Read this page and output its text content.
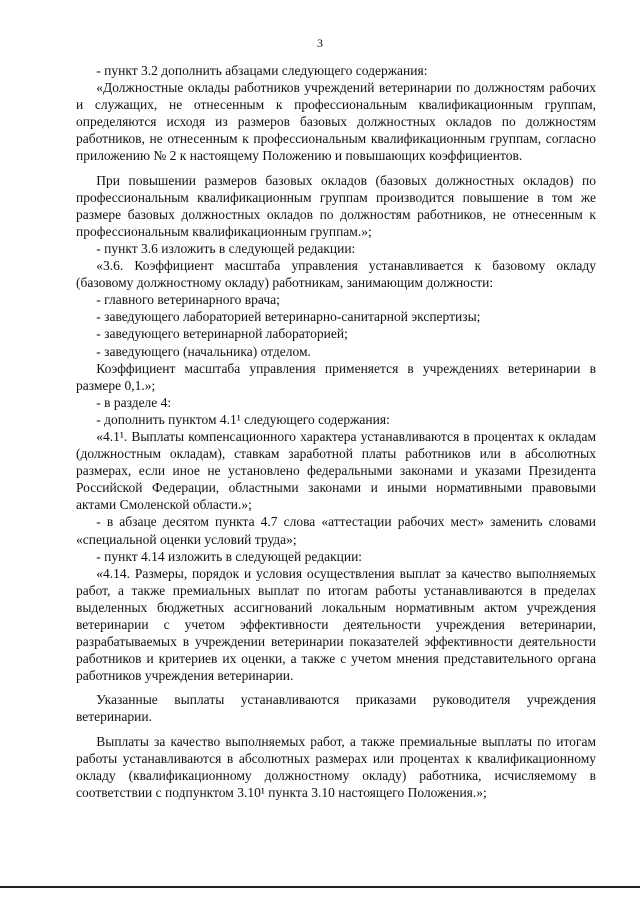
3

- пункт 3.2 дополнить абзацами следующего содержания:

«Должностные оклады работников учреждений ветеринарии по должностям рабочих и служащих, не отнесенным к профессиональным квалификационным группам, определяются исходя из размеров базовых должностных окладов по должностям работников, не отнесенным к профессиональным квалификационным группам, согласно приложению № 2 к настоящему Положению и повышающих коэффициентов.

При повышении размеров базовых окладов (базовых должностных окладов) по профессиональным квалификационным группам производится повышение в том же размере базовых должностных окладов по должностям работников, не отнесенным к профессиональным квалификационным группам.»;

- пункт 3.6 изложить в следующей редакции:

«3.6. Коэффициент масштаба управления устанавливается к базовому окладу (базовому должностному окладу) работникам, занимающим должности:

- главного ветеринарного врача;

- заведующего лабораторией ветеринарно-санитарной экспертизы;

- заведующего ветеринарной лабораторией;

- заведующего (начальника) отделом.

Коэффициент масштаба управления применяется в учреждениях ветеринарии в размере 0,1.»;

- в разделе 4:

- дополнить пунктом 4.1¹ следующего содержания:

«4.1¹. Выплаты компенсационного характера устанавливаются в процентах к окладам (должностным окладам), ставкам заработной платы работников или в абсолютных размерах, если иное не установлено федеральными законами и указами Президента Российской Федерации, областными законами и иными нормативными правовыми актами Смоленской области.»;

- в абзаце десятом пункта 4.7 слова «аттестации рабочих мест» заменить словами «специальной оценки условий труда»;

- пункт 4.14 изложить в следующей редакции:

«4.14. Размеры, порядок и условия осуществления выплат за качество выполняемых работ, а также премиальных выплат по итогам работы устанавливаются в пределах выделенных бюджетных ассигнований локальным нормативным актом учреждения ветеринарии с учетом эффективности деятельности учреждения ветеринарии, разрабатываемых в учреждении ветеринарии показателей эффективности деятельности работников и критериев их оценки, а также с учетом мнения представительного органа работников учреждения ветеринарии.

Указанные выплаты устанавливаются приказами руководителя учреждения ветеринарии.

Выплаты за качество выполняемых работ, а также премиальные выплаты по итогам работы устанавливаются в абсолютных размерах или процентах к квалификационному окладу (квалификационному должностному окладу) работника, исчисляемому в соответствии с подпунктом 3.10¹ пункта 3.10 настоящего Положения.»;
